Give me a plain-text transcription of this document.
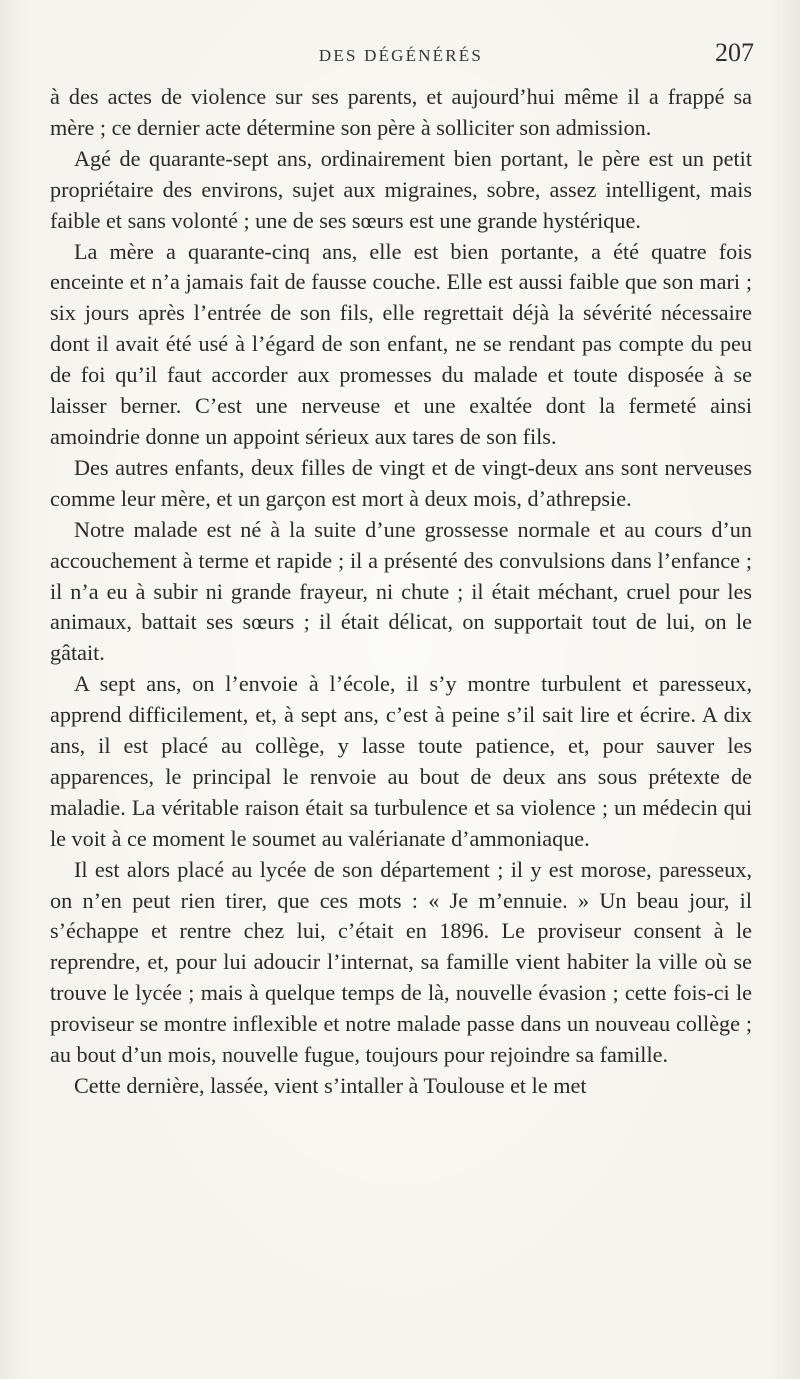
DES DÉGÉNÉRÉS	207

à des actes de violence sur ses parents, et aujourd’hui même il a frappé sa mère ; ce dernier acte détermine son père à solliciter son admission.

Agé de quarante-sept ans, ordinairement bien portant, le père est un petit propriétaire des environs, sujet aux migraines, sobre, assez intelligent, mais faible et sans volonté ; une de ses sœurs est une grande hystérique.

La mère a quarante-cinq ans, elle est bien portante, a été quatre fois enceinte et n’a jamais fait de fausse couche. Elle est aussi faible que son mari ; six jours après l’entrée de son fils, elle regrettait déjà la sévérité nécessaire dont il avait été usé à l’égard de son enfant, ne se rendant pas compte du peu de foi qu’il faut accorder aux promesses du malade et toute disposée à se laisser berner. C’est une nerveuse et une exaltée dont la fermeté ainsi amoindrie donne un appoint sérieux aux tares de son fils.

Des autres enfants, deux filles de vingt et de vingt-deux ans sont nerveuses comme leur mère, et un garçon est mort à deux mois, d’athrepsie.

Notre malade est né à la suite d’une grossesse normale et au cours d’un accouchement à terme et rapide ; il a présenté des convulsions dans l’enfance ; il n’a eu à subir ni grande frayeur, ni chute ; il était méchant, cruel pour les animaux, battait ses sœurs ; il était délicat, on supportait tout de lui, on le gâtait.

A sept ans, on l’envoie à l’école, il s’y montre turbulent et paresseux, apprend difficilement, et, à sept ans, c’est à peine s’il sait lire et écrire. A dix ans, il est placé au collège, y lasse toute patience, et, pour sauver les apparences, le principal le renvoie au bout de deux ans sous prétexte de maladie. La véritable raison était sa turbulence et sa violence ; un médecin qui le voit à ce moment le soumet au valérianate d’ammoniaque.

Il est alors placé au lycée de son département ; il y est morose, paresseux, on n’en peut rien tirer, que ces mots : « Je m’ennuie. » Un beau jour, il s’échappe et rentre chez lui, c’était en 1896. Le proviseur consent à le reprendre, et, pour lui adoucir l’internat, sa famille vient habiter la ville où se trouve le lycée ; mais à quelque temps de là, nouvelle évasion ; cette fois-ci le proviseur se montre inflexible et notre malade passe dans un nouveau collège ; au bout d’un mois, nouvelle fugue, toujours pour rejoindre sa famille.

Cette dernière, lassée, vient s’intaller à Toulouse et le met
